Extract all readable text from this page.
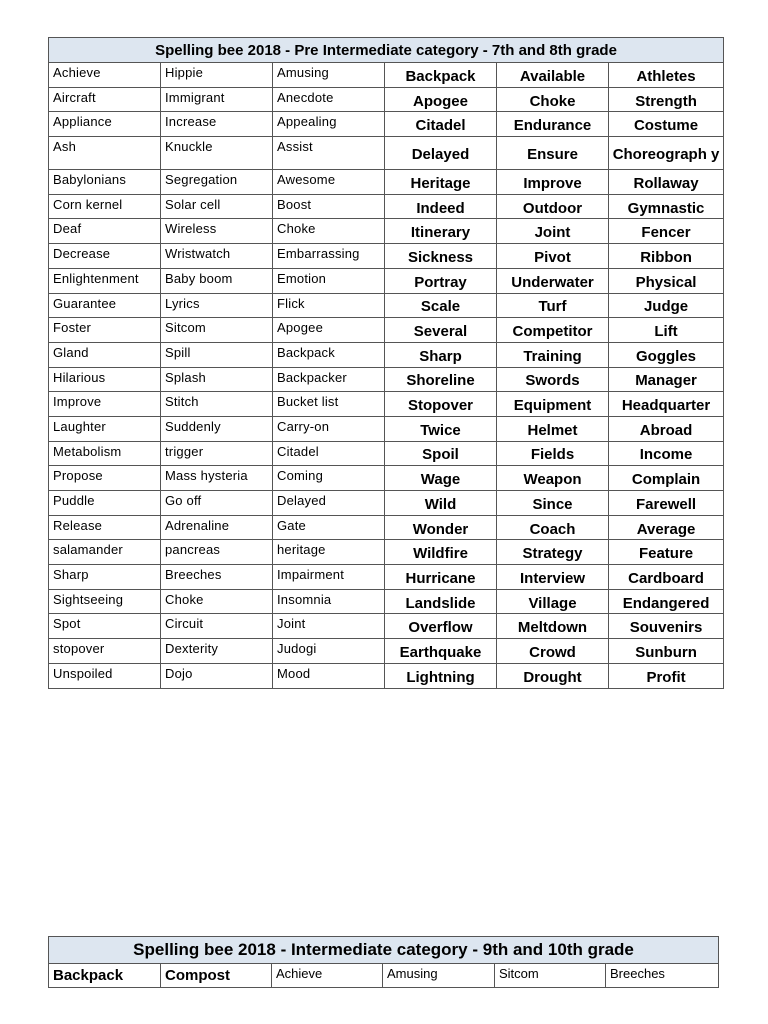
Spelling bee 2018 - Pre Intermediate category - 7th and 8th grade					
Achieve	Hippie	Amusing	Backpack	Available	Athletes
Aircraft	Immigrant	Anecdote	Apogee	Choke	Strength
Appliance	Increase	Appealing	Citadel	Endurance	Costume
Ash	Knuckle	Assist	Delayed	Ensure	Choreograph y
Babylonians	Segregation	Awesome	Heritage	Improve	Rollaway
Corn kernel	Solar cell	Boost	Indeed	Outdoor	Gymnastic
Deaf	Wireless	Choke	Itinerary	Joint	Fencer
Decrease	Wristwatch	Embarrassing	Sickness	Pivot	Ribbon
Enlightenment	Baby boom	Emotion	Portray	Underwater	Physical
Guarantee	Lyrics	Flick	Scale	Turf	Judge
Foster	Sitcom	Apogee	Several	Competitor	Lift
Gland	Spill	Backpack	Sharp	Training	Goggles
Hilarious	Splash	Backpacker	Shoreline	Swords	Manager
Improve	Stitch	Bucket list	Stopover	Equipment	Headquarter
Laughter	Suddenly	Carry-on	Twice	Helmet	Abroad
Metabolism	trigger	Citadel	Spoil	Fields	Income
Propose	Mass hysteria	Coming	Wage	Weapon	Complain
Puddle	Go off	Delayed	Wild	Since	Farewell
Release	Adrenaline	Gate	Wonder	Coach	Average
salamander	pancreas	heritage	Wildfire	Strategy	Feature
Sharp	Breeches	Impairment	Hurricane	Interview	Cardboard
Sightseeing	Choke	Insomnia	Landslide	Village	Endangered
Spot	Circuit	Joint	Overflow	Meltdown	Souvenirs
stopover	Dexterity	Judogi	Earthquake	Crowd	Sunburn
Unspoiled	Dojo	Mood	Lightning	Drought	Profit
Spelling bee 2018 - Intermediate category - 9th and 10th grade
Backpack	Compost	Achieve	Amusing	Sitcom	Breeches
